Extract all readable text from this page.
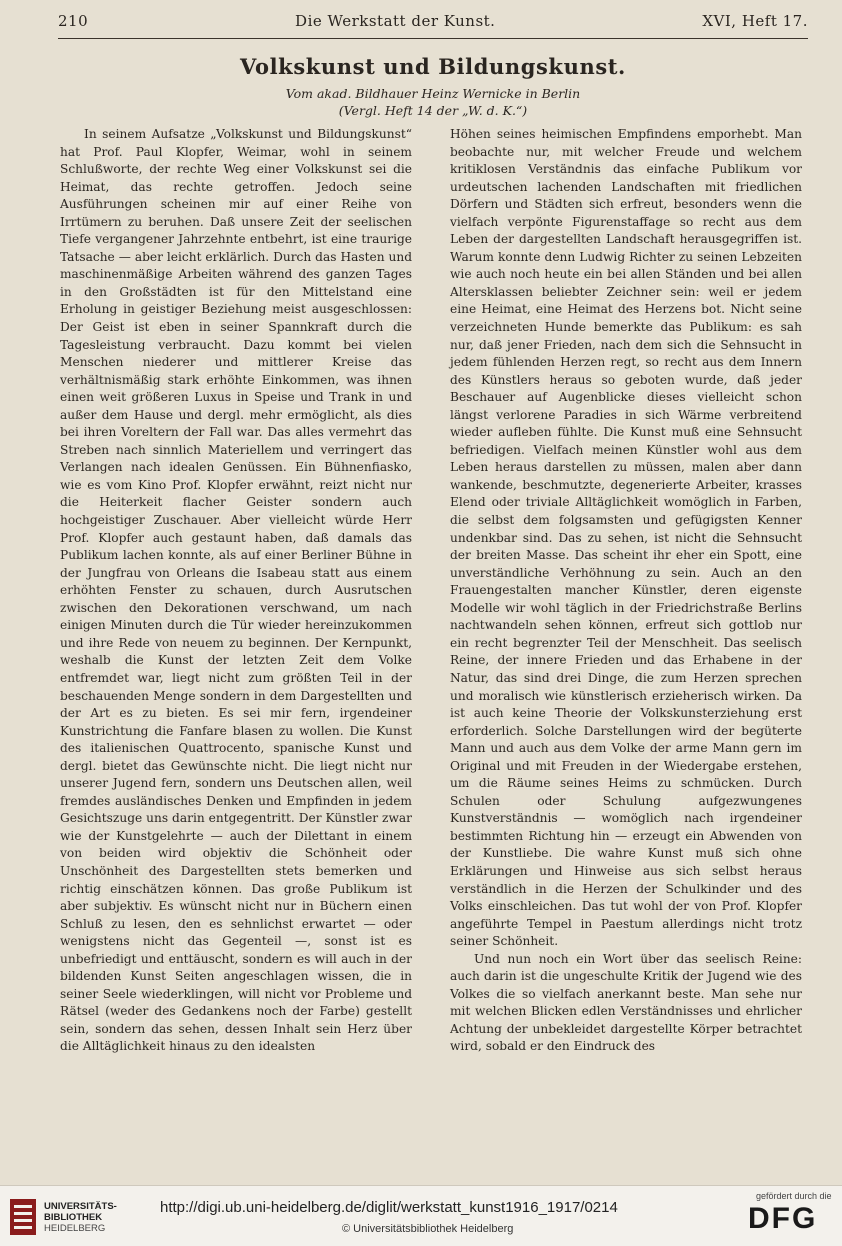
210	Die Werkstatt der Kunst.	XVI, Heft 17.
Volkskunst und Bildungskunst.
Vom akad. Bildhauer Heinz Wernicke in Berlin
(Vergl. Heft 14 der „W. d. K.“)

In seinem Aufsatze „Volkskunst und Bildungskunst“ hat Prof. Paul Klopfer, Weimar, wohl in seinem Schlußworte, der rechte Weg einer Volkskunst sei die Heimat, das rechte getroffen. Jedoch seine Ausführungen scheinen mir auf einer Reihe von Irrtümern zu beruhen. Daß unsere Zeit der seelischen Tiefe vergangener Jahrzehnte entbehrt, ist eine traurige Tatsache — aber leicht erklärlich. Durch das Hasten und maschinenmäßige Arbeiten während des ganzen Tages in den Großstädten ist für den Mittelstand eine Erholung in geistiger Beziehung meist ausgeschlossen: Der Geist ist eben in seiner Spannkraft durch die Tagesleistung verbraucht. Dazu kommt bei vielen Menschen niederer und mittlerer Kreise das verhältnismäßig stark erhöhte Einkommen, was ihnen einen weit größeren Luxus in Speise und Trank in und außer dem Hause und dergl. mehr ermöglicht, als dies bei ihren Voreltern der Fall war. Das alles vermehrt das Streben nach sinnlich Materiellem und verringert das Verlangen nach idealen Genüssen. Ein Bühnenfiasko, wie es vom Kino Prof. Klopfer erwähnt, reizt nicht nur die Heiterkeit flacher Geister sondern auch hochgeistiger Zuschauer. Aber vielleicht würde Herr Prof. Klopfer auch gestaunt haben, daß damals das Publikum lachen konnte, als auf einer Berliner Bühne in der Jungfrau von Orleans die Isabeau statt aus einem erhöhten Fenster zu schauen, durch Ausrutschen zwischen den Dekorationen verschwand, um nach einigen Minuten durch die Tür wieder hereinzukommen und ihre Rede von neuem zu beginnen. Der Kernpunkt, weshalb die Kunst der letzten Zeit dem Volke entfremdet war, liegt nicht zum größten Teil in der beschauenden Menge sondern in dem Dargestellten und der Art es zu bieten. Es sei mir fern, irgendeiner Kunstrichtung die Fanfare blasen zu wollen. Die Kunst des italienischen Quattrocento, spanische Kunst und dergl. bietet das Gewünschte nicht. Die liegt nicht nur unserer Jugend fern, sondern uns Deutschen allen, weil fremdes ausländisches Denken und Empfinden in jedem Gesichtszuge uns darin entgegentritt. Der Künstler zwar wie der Kunstgelehrte — auch der Dilettant in einem von beiden wird objektiv die Schönheit oder Unschönheit des Dargestellten stets bemerken und richtig einschätzen können. Das große Publikum ist aber subjektiv. Es wünscht nicht nur in Büchern einen Schluß zu lesen, den es sehnlichst erwartet — oder wenigstens nicht das Gegenteil —, sonst ist es unbefriedigt und enttäuscht, sondern es will auch in der bildenden Kunst Seiten angeschlagen wissen, die in seiner Seele wiederklingen, will nicht vor Probleme und Rätsel (weder des Gedankens noch der Farbe) gestellt sein, sondern das sehen, dessen Inhalt sein Herz über die Alltäglichkeit hinaus zu den idealsten

Höhen seines heimischen Empfindens emporhebt. Man beobachte nur, mit welcher Freude und welchem kritiklosen Verständnis das einfache Publikum vor urdeutschen lachenden Landschaften mit friedlichen Dörfern und Städten sich erfreut, besonders wenn die vielfach verpönte Figurenstaffage so recht aus dem Leben der dargestellten Landschaft herausgegriffen ist. Warum konnte denn Ludwig Richter zu seinen Lebzeiten wie auch noch heute ein bei allen Ständen und bei allen Altersklassen beliebter Zeichner sein: weil er jedem eine Heimat, eine Heimat des Herzens bot. Nicht seine verzeichneten Hunde bemerkte das Publikum: es sah nur, daß jener Frieden, nach dem sich die Sehnsucht in jedem fühlenden Herzen regt, so recht aus dem Innern des Künstlers heraus so geboten wurde, daß jeder Beschauer auf Augenblicke dieses vielleicht schon längst verlorene Paradies in sich Wärme verbreitend wieder aufleben fühlte. Die Kunst muß eine Sehnsucht befriedigen. Vielfach meinen Künstler wohl aus dem Leben heraus darstellen zu müssen, malen aber dann wankende, beschmutzte, degenerierte Arbeiter, krasses Elend oder triviale Alltäglichkeit womöglich in Farben, die selbst dem folgsamsten und gefügigsten Kenner undenkbar sind. Das zu sehen, ist nicht die Sehnsucht der breiten Masse. Das scheint ihr eher ein Spott, eine unverständliche Verhöhnung zu sein. Auch an den Frauengestalten mancher Künstler, deren eigenste Modelle wir wohl täglich in der Friedrichstraße Berlins nachtwandeln sehen können, erfreut sich gottlob nur ein recht begrenzter Teil der Menschheit. Das seelisch Reine, der innere Frieden und das Erhabene in der Natur, das sind drei Dinge, die zum Herzen sprechen und moralisch wie künstlerisch erzieherisch wirken. Da ist auch keine Theorie der Volkskunsterziehung erst erforderlich. Solche Darstellungen wird der begüterte Mann und auch aus dem Volke der arme Mann gern im Original und mit Freuden in der Wiedergabe erstehen, um die Räume seines Heims zu schmücken. Durch Schulen oder Schulung aufgezwungenes Kunstverständnis — womöglich nach irgendeiner bestimmten Richtung hin — erzeugt ein Abwenden von der Kunstliebe. Die wahre Kunst muß sich ohne Erklärungen und Hinweise aus sich selbst heraus verständlich in die Herzen der Schulkinder und des Volks einschleichen. Das tut wohl der von Prof. Klopfer angeführte Tempel in Paestum allerdings nicht trotz seiner Schönheit.

Und nun noch ein Wort über das seelisch Reine: auch darin ist die ungeschulte Kritik der Jugend wie des Volkes die so vielfach anerkannt beste. Man sehe nur mit welchen Blicken edlen Verständnisses und ehrlicher Achtung der unbekleidet dargestellte Körper betrachtet wird, sobald er den Eindruck des

UNIVERSITÄTS-
BIBLIOTHEK
HEIDELBERG
http://digi.ub.uni-heidelberg.de/diglit/werkstatt_kunst1916_1917/0214
© Universitätsbibliothek Heidelberg
gefördert durch die
DFG
